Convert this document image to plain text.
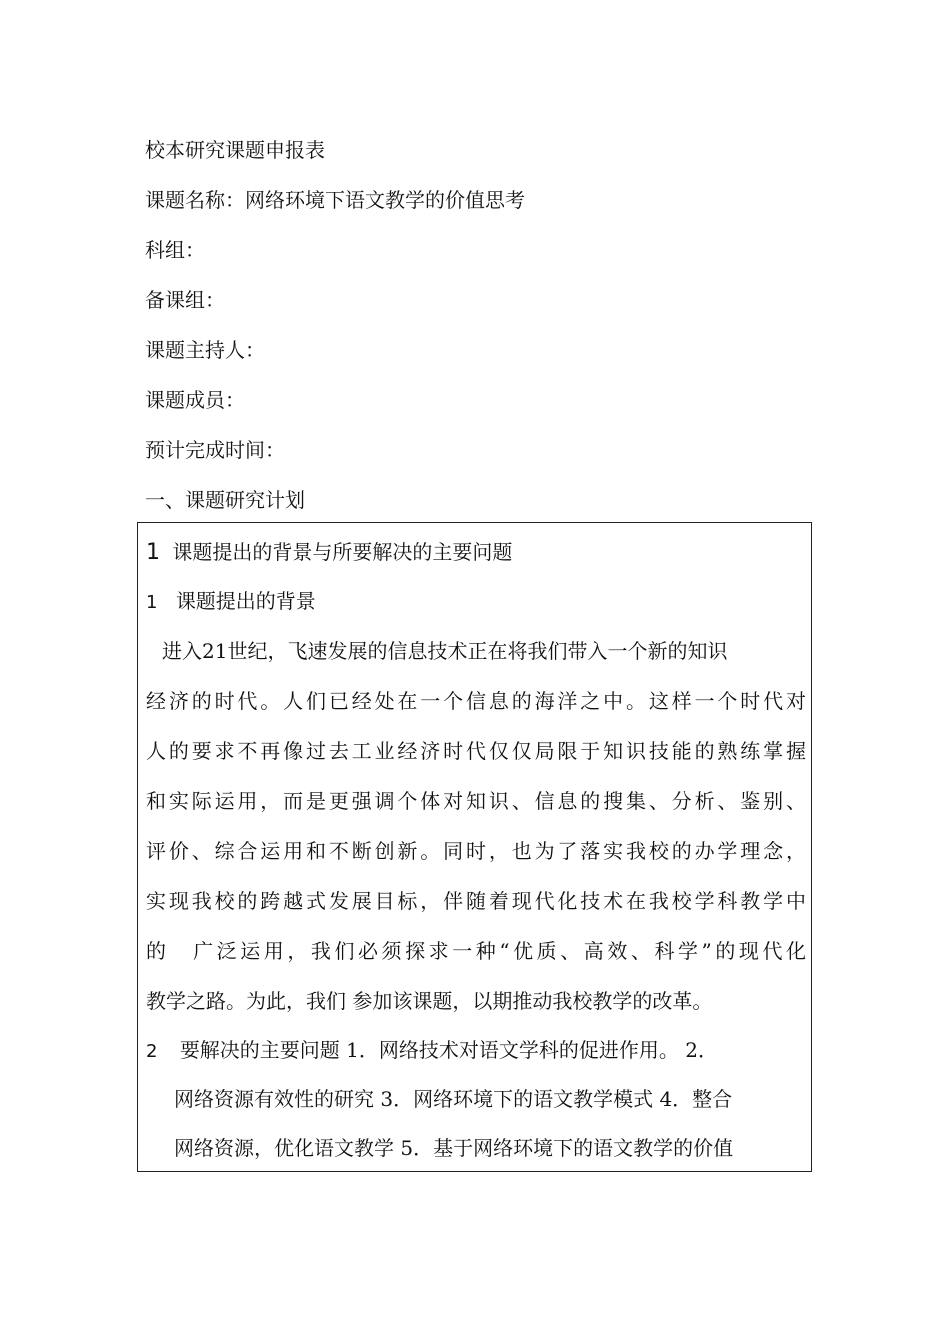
校本研究课题申报表
课题名称：网络环境下语文教学的价值思考
科组：
备课组：
课题主持人：
课题成员：
预计完成时间：
一、课题研究计划
1 课题提出的背景与所要解决的主要问题
1 课题提出的背景
进入21世纪，飞速发展的信息技术正在将我们带入一个新的知识
经济的时代。人们已经处在一个信息的海洋之中。这样一个时代对
人的要求不再像过去工业经济时代仅仅局限于知识技能的熟练掌握
和实际运用，而是更强调个体对知识、信息的搜集、分析、鉴别、
评价、综合运用和不断创新。同时，也为了落实我校的办学理念，
实现我校的跨越式发展目标，伴随着现代化技术在我校学科教学中
的　广泛运用，我们必须探求一种“优质、高效、科学”的现代化
教学之路。为此，我们 参加该课题，以期推动我校教学的改革。
2 要解决的主要问题 1．网络技术对语文学科的促进作用。 2．
网络资源有效性的研究 3．网络环境下的语文教学模式 4．整合
网络资源，优化语文教学 5．基于网络环境下的语文教学的价值
